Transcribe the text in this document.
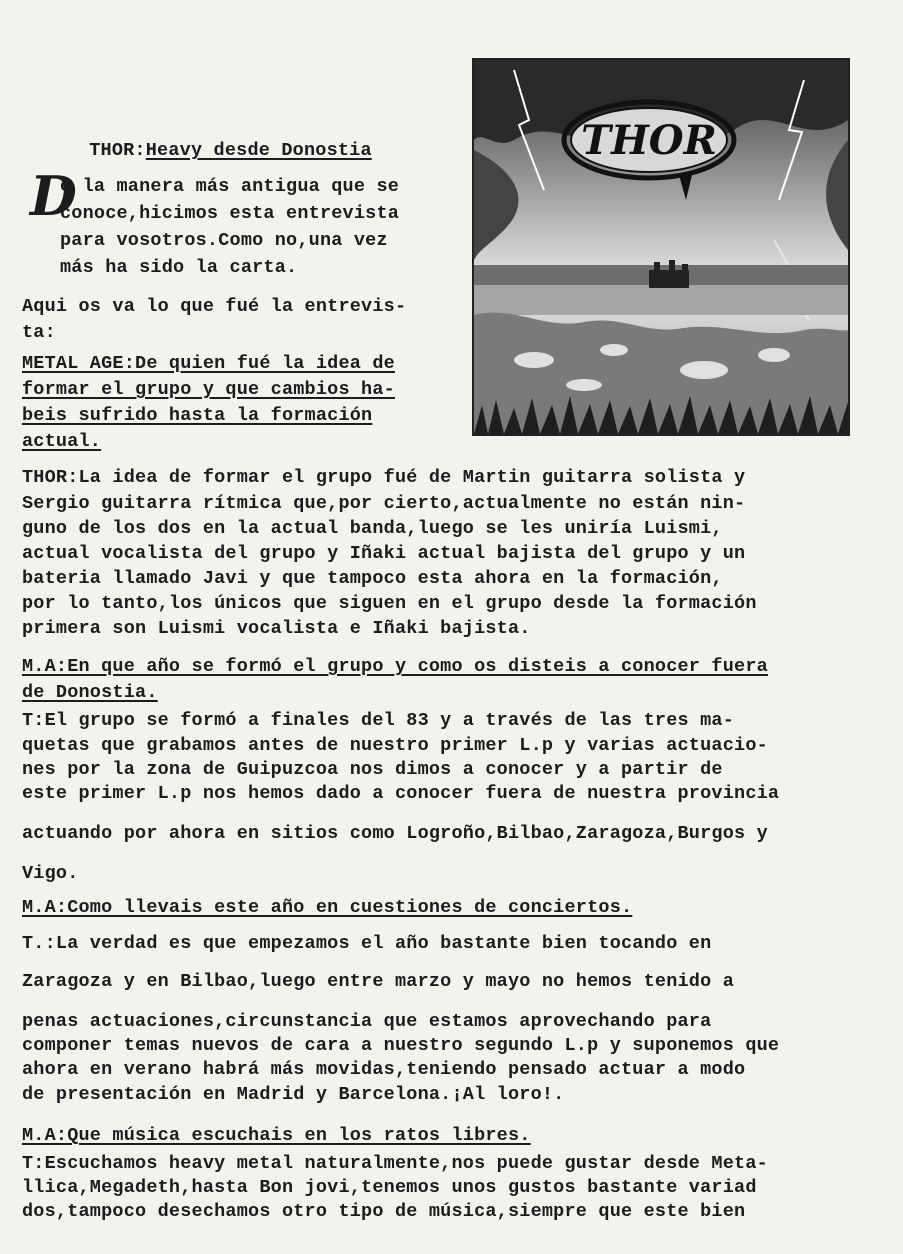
THOR:Heavy desde Donostia

D
e la manera más antigua que se
conoce,hicimos esta entrevista
para vosotros.Como no,una vez
más ha sido la carta.
Aqui os va lo que fué la entrevis-
ta:
METAL AGE:De quien fué la idea de
formar el grupo y que cambios ha-
beis sufrido hasta la formación
actual.
THOR:La idea de formar el grupo fué de Martin guitarra solista y
Sergio guitarra rítmica que,por cierto,actualmente no están nin-
guno de los dos en la actual banda,luego se les uniría Luismi,
actual vocalista del grupo y Iñaki actual bajista del grupo y un
bateria llamado Javi y que tampoco esta ahora en la formación,
por lo tanto,los únicos que siguen en el grupo desde la formación
primera son Luismi vocalista e Iñaki bajista.
M.A:En que año se formó el grupo y como os disteis a conocer fuera
de Donostia.
T:El grupo se formó a finales del 83 y a través de las tres ma-
quetas que grabamos antes de nuestro primer L.p y varias actuacio-
nes por la zona de Guipuzcoa nos dimos a conocer y a partir de
este primer L.p nos hemos dado a conocer fuera de nuestra provincia
actuando por ahora en sitios como Logroño,Bilbao,Zaragoza,Burgos y
Vigo.
M.A:Como llevais este año en cuestiones de conciertos.
T.:La verdad es que empezamos el año bastante bien tocando en
Zaragoza y en Bilbao,luego entre marzo y mayo no hemos tenido a
penas actuaciones,circunstancia que estamos aprovechando para
componer temas nuevos de cara a nuestro segundo L.p y suponemos que
ahora en verano habrá más movidas,teniendo pensado actuar a modo
de presentación en Madrid y Barcelona.¡Al loro!.
M.A:Que música escuchais en los ratos libres.
T:Escuchamos heavy metal naturalmente,nos puede gustar desde Meta-
llica,Megadeth,hasta Bon jovi,tenemos unos gustos bastante variad
dos,tampoco desechamos otro tipo de música,siempre que este bien
THOR
